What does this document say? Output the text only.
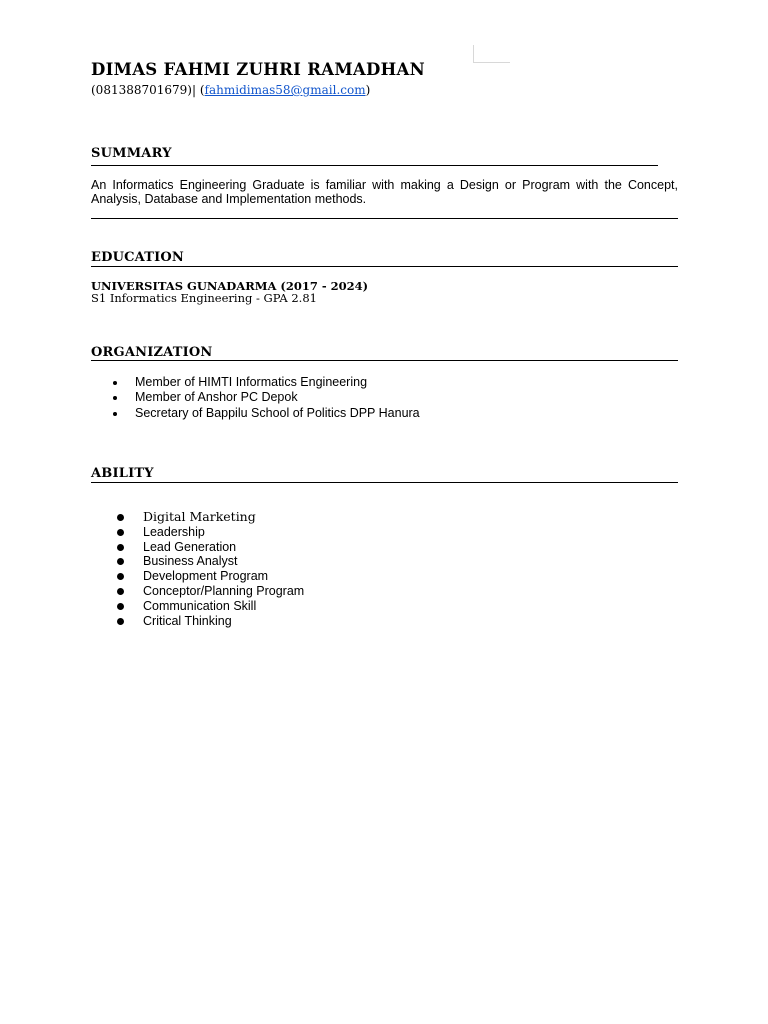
DIMAS FAHMI ZUHRI RAMADHAN
(081388701679)| (fahmidimas58@gmail.com)
SUMMARY
An Informatics Engineering Graduate is familiar with making a Design or Program with the Concept, Analysis, Database and Implementation methods.
EDUCATION
UNIVERSITAS GUNADARMA (2017 - 2024)
S1 Informatics Engineering - GPA 2.81
ORGANIZATION
Member of HIMTI Informatics Engineering
Member of Anshor PC Depok
Secretary of Bappilu School of Politics DPP Hanura
ABILITY
Digital Marketing
Leadership
Lead Generation
Business Analyst
Development Program
Conceptor/Planning Program
Communication Skill
Critical Thinking
